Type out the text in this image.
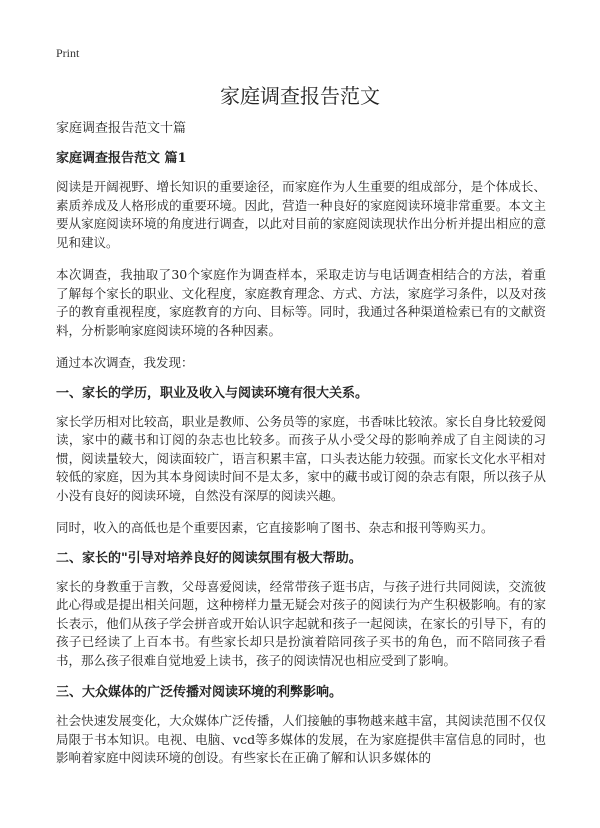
Print
家庭调查报告范文

家庭调查报告范文十篇

家庭调查报告范文 篇1

阅读是开阔视野、增长知识的重要途径，而家庭作为人生重要的组成部分，是个体成长、素质养成及人格形成的重要环境。因此，营造一种良好的家庭阅读环境非常重要。本文主要从家庭阅读环境的角度进行调查，以此对目前的家庭阅读现状作出分析并提出相应的意见和建议。

本次调查，我抽取了30个家庭作为调查样本，采取走访与电话调查相结合的方法，着重了解每个家长的职业、文化程度，家庭教育理念、方式、方法，家庭学习条件，以及对孩子的教育重视程度，家庭教育的方向、目标等。同时，我通过各种渠道检索已有的文献资料，分析影响家庭阅读环境的各种因素。

通过本次调查，我发现：

一、家长的学历，职业及收入与阅读环境有很大关系。

家长学历相对比较高，职业是教师、公务员等的家庭，书香味比较浓。家长自身比较爱阅读，家中的藏书和订阅的杂志也比较多。而孩子从小受父母的影响养成了自主阅读的习惯，阅读量较大，阅读面较广，语言积累丰富，口头表达能力较强。而家长文化水平相对较低的家庭，因为其本身阅读时间不是太多，家中的藏书或订阅的杂志有限，所以孩子从小没有良好的阅读环境，自然没有深厚的阅读兴趣。

同时，收入的高低也是个重要因素，它直接影响了图书、杂志和报刊等购买力。

二、家长的"引导对培养良好的阅读氛围有极大帮助。

家长的身教重于言教，父母喜爱阅读，经常带孩子逛书店，与孩子进行共同阅读，交流彼此心得或是提出相关问题，这种榜样力量无疑会对孩子的阅读行为产生积极影响。有的家长表示，他们从孩子学会拼音或开始认识字起就和孩子一起阅读，在家长的引导下，有的孩子已经读了上百本书。有些家长却只是扮演着陪同孩子买书的角色，而不陪同孩子看书，那么孩子很难自觉地爱上读书，孩子的阅读情况也相应受到了影响。

三、大众媒体的广泛传播对阅读环境的利弊影响。

社会快速发展变化，大众媒体广泛传播，人们接触的事物越来越丰富，其阅读范围不仅仅局限于书本知识。电视、电脑、vcd等多媒体的发展，在为家庭提供丰富信息的同时，也影响着家庭中阅读环境的创设。有些家长在正确了解和认识多媒体的
